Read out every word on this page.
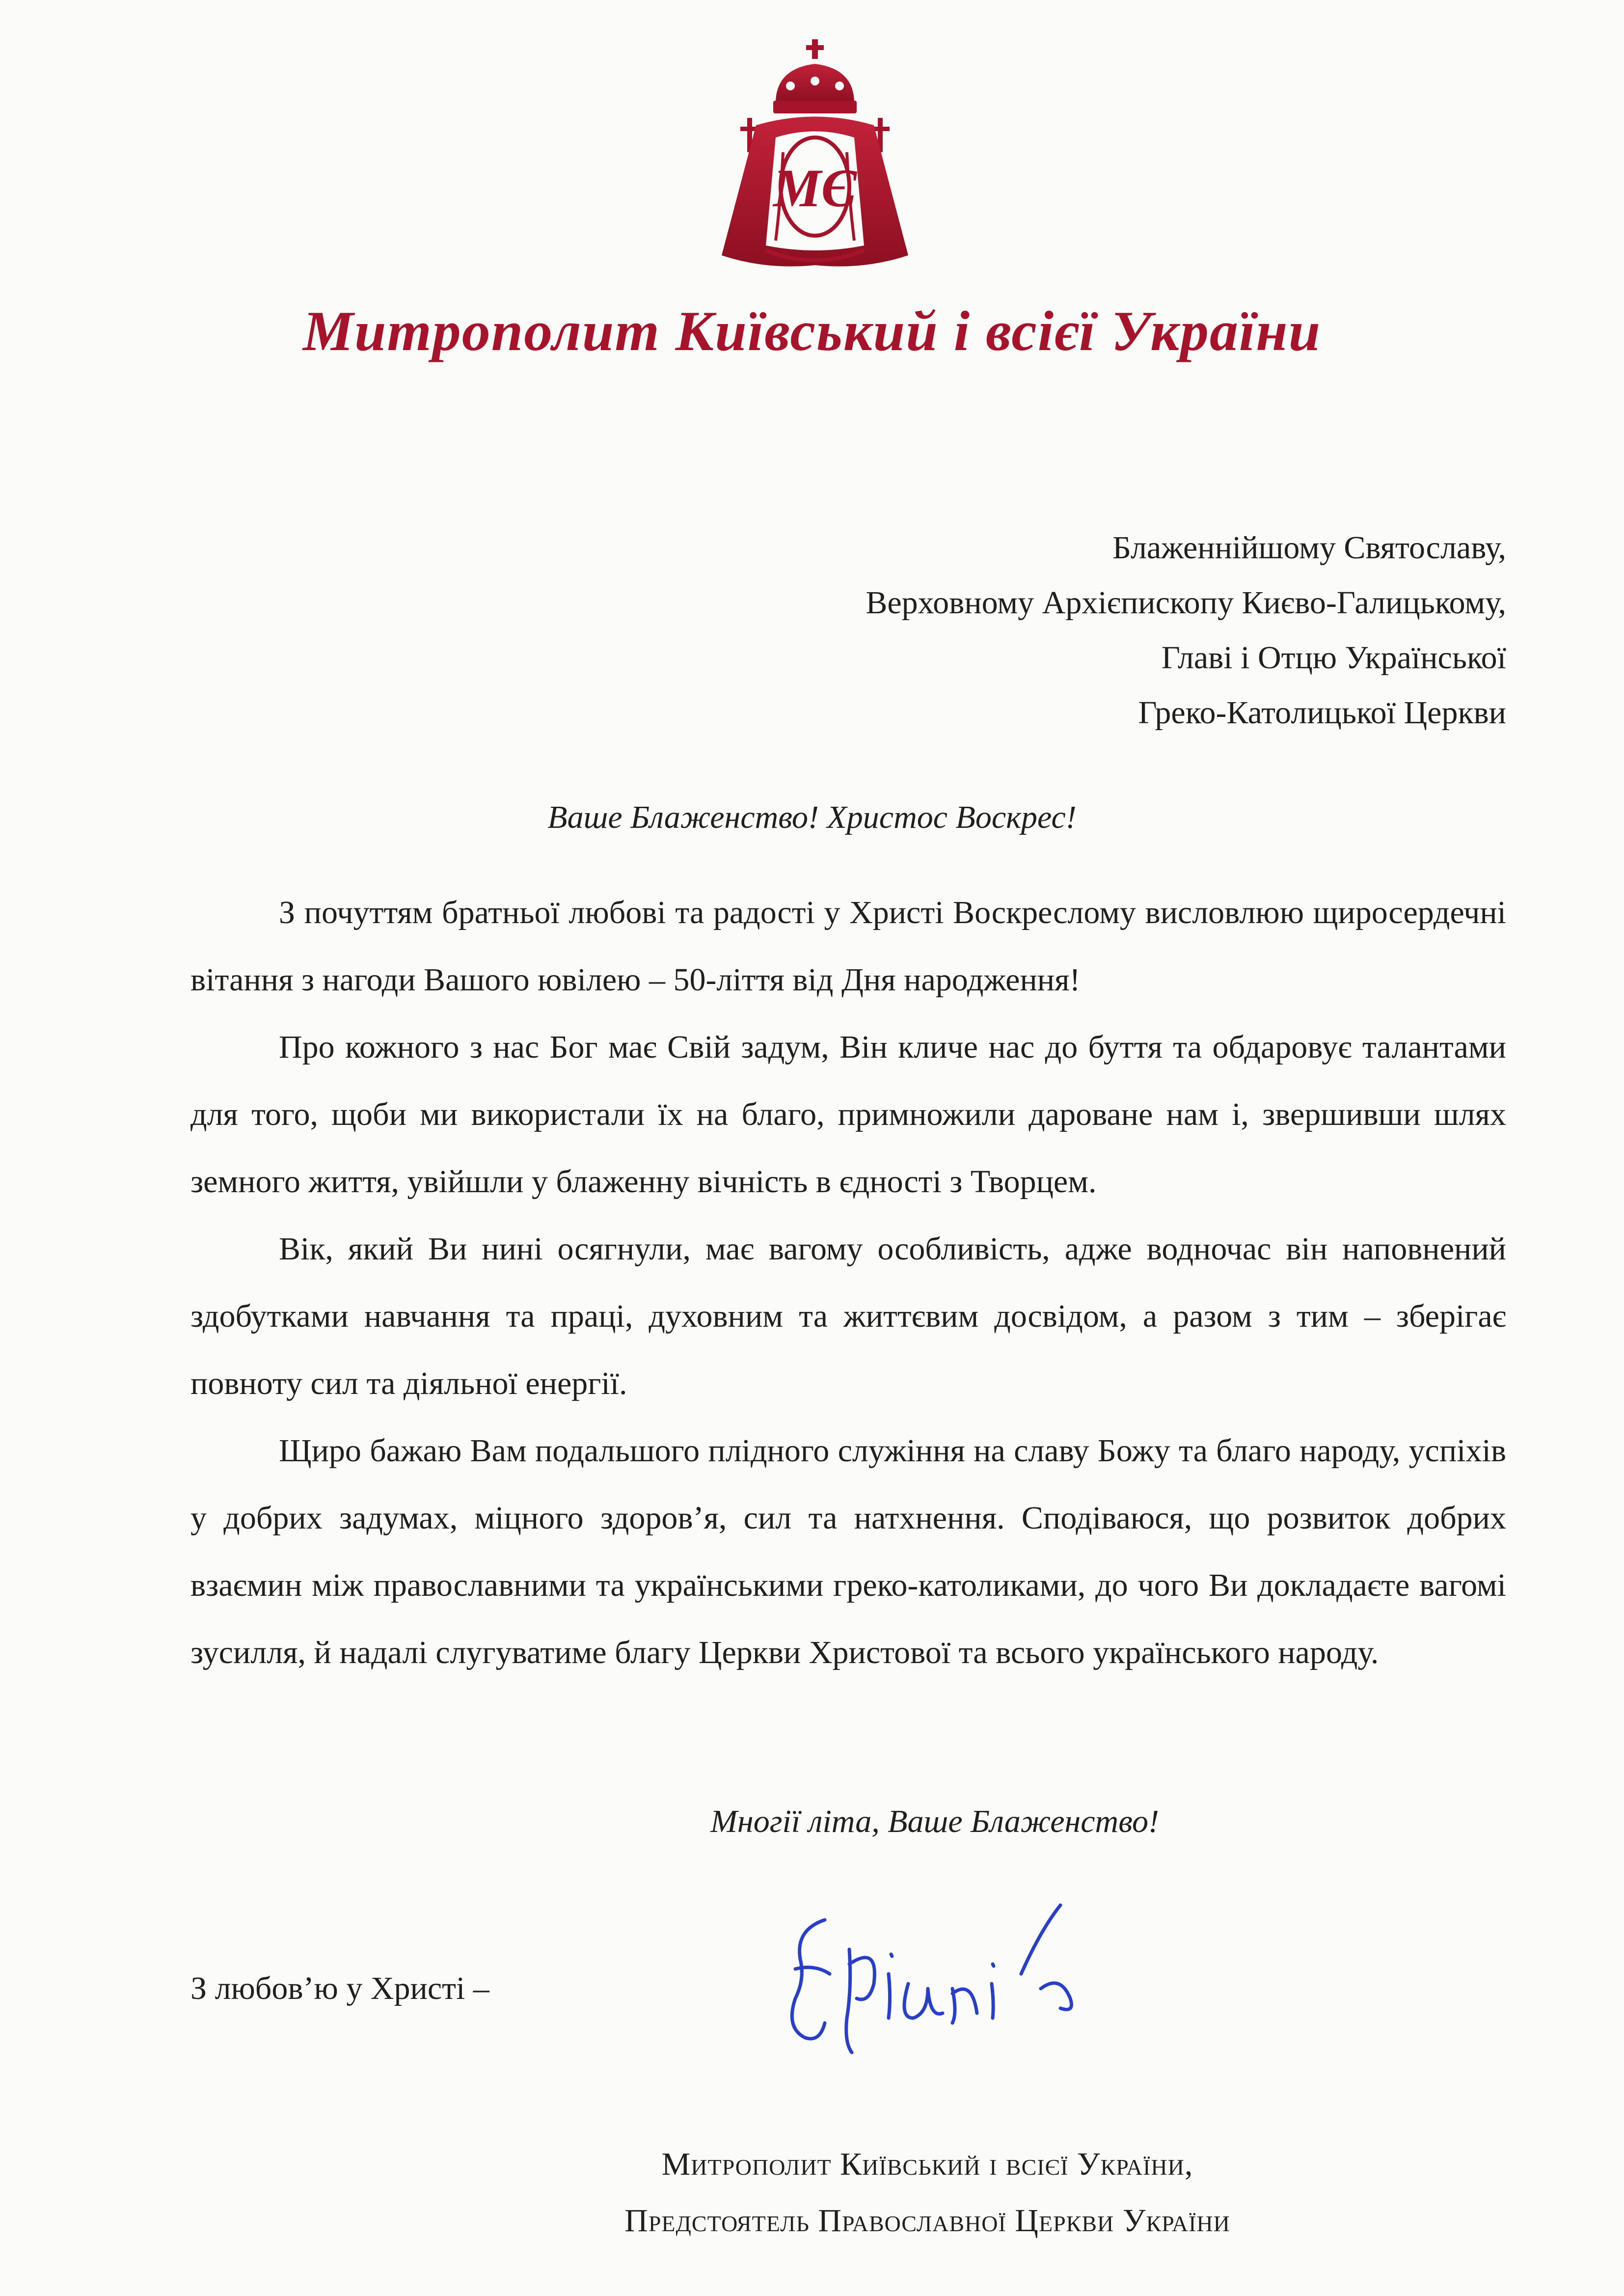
МЄ
Митрополит Київський і всієї України
Блаженнійшому Святославу,
Верховному Архієпископу Києво-Галицькому,
Главі і Отцю Української
Греко-Католицької Церкви
Ваше Блаженство! Христос Воскрес!

З почуттям братньої любові та радості у Христі Воскреслому висловлюю щиросердечні вітання з нагоди Вашого ювілею – 50-ліття від Дня народження!

Про кожного з нас Бог має Свій задум, Він кличе нас до буття та обдаровує талантами для того, щоби ми використали їх на благо, примножили дароване нам і, звершивши шлях земного життя, увійшли у блаженну вічність в єдності з Творцем.

Вік, який Ви нині осягнули, має вагому особливість, адже водночас він наповнений здобутками навчання та праці, духовним та життєвим досвідом, а разом з тим – зберігає повноту сил та діяльної енергії.

Щиро бажаю Вам подальшого плідного служіння на славу Божу та благо народу, успіхів у добрих задумах, міцного здоров’я, сил та натхнення. Сподіваюся, що розвиток добрих взаємин між православними та українськими греко-католиками, до чого Ви докладаєте вагомі зусилля, й надалі слугуватиме благу Церкви Христової та всього українського народу.

Многії літа, Ваше Блаженство!
З любов’ю у Христі –
Митрополит Київський і всієї України,
Предстоятель Православної Церкви України
